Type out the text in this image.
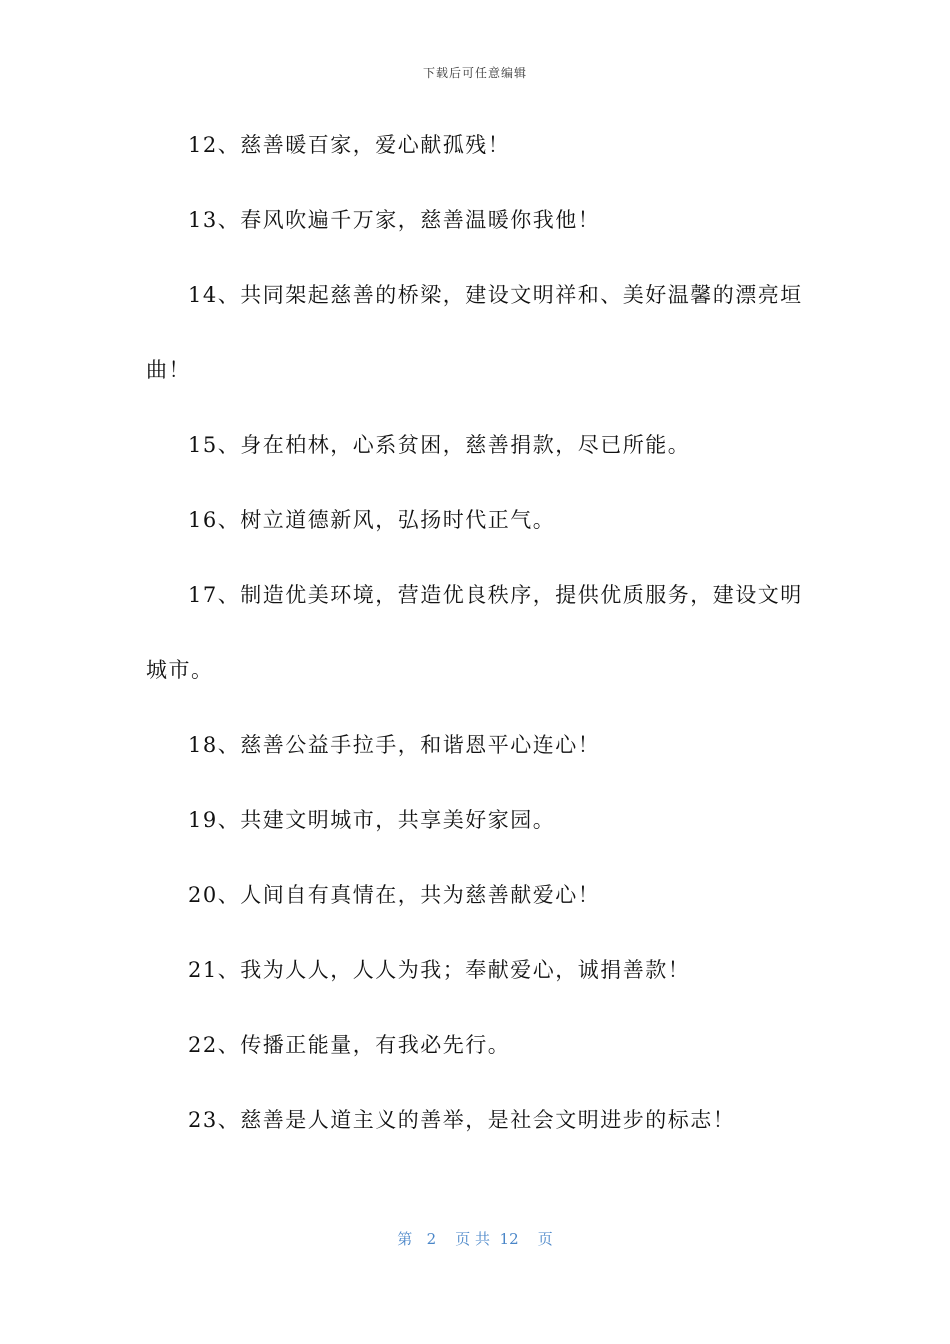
下载后可任意编辑

12、慈善暖百家，爱心献孤残！

13、春风吹遍千万家，慈善温暖你我他！

14、共同架起慈善的桥梁，建设文明祥和、美好温馨的漂亮垣曲！

15、身在柏林，心系贫困，慈善捐款，尽已所能。

16、树立道德新风，弘扬时代正气。

17、制造优美环境，营造优良秩序，提供优质服务，建设文明城市。

18、慈善公益手拉手，和谐恩平心连心！

19、共建文明城市，共享美好家园。

20、人间自有真情在，共为慈善献爱心！

21、我为人人，人人为我；奉献爱心，诚捐善款！

22、传播正能量，有我必先行。

23、慈善是人道主义的善举，是社会文明进步的标志！

第 2 页 共 12 页
